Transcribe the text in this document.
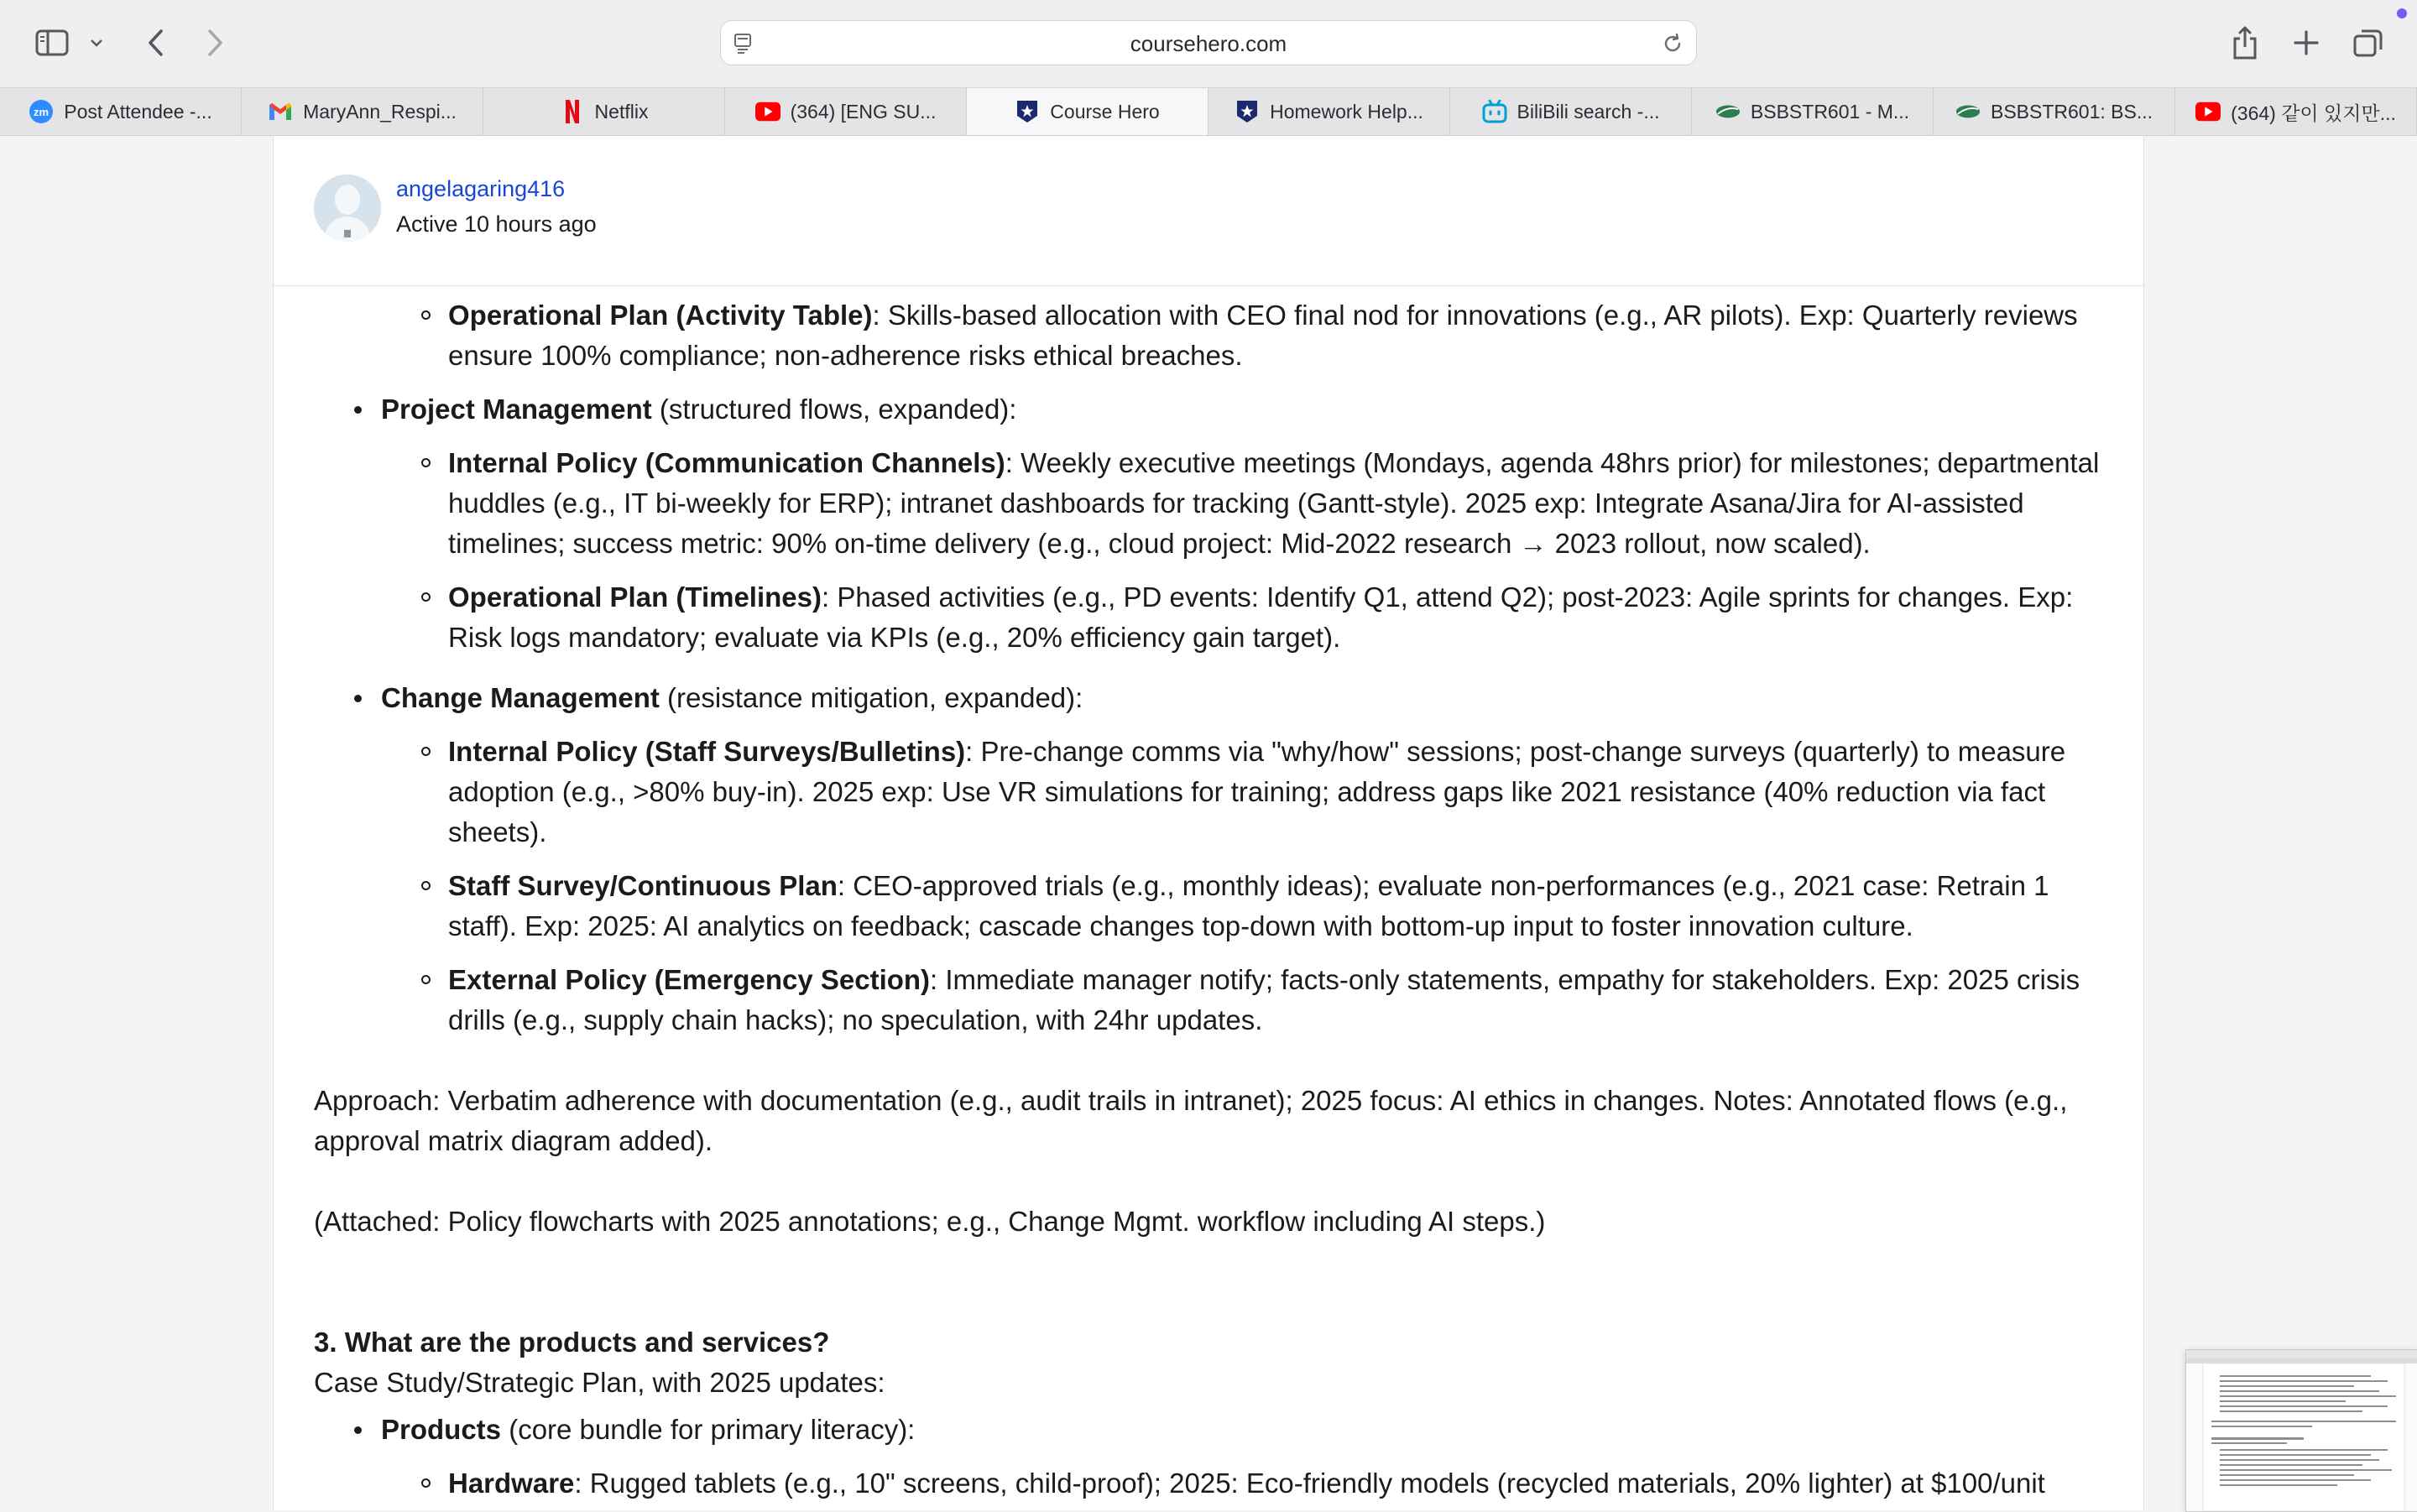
coursehero.com
zm Post Attendee -...	MaryAnn_Respi...	Netflix	(364) [ENG SU...	Course Hero	Homework Help...	BiliBili search -...	BSBSTR601 - M...	BSBSTR601: BS...	(364) 같이 있지만...
angelagaring416
Active 10 hours ago
Operational Plan (Activity Table): Skills-based allocation with CEO final nod for innovations (e.g., AR pilots). Exp: Quarterly reviews ensure 100% compliance; non-adherence risks ethical breaches.
Project Management (structured flows, expanded):
Internal Policy (Communication Channels): Weekly executive meetings (Mondays, agenda 48hrs prior) for milestones; departmental huddles (e.g., IT bi-weekly for ERP); intranet dashboards for tracking (Gantt-style). 2025 exp: Integrate Asana/Jira for AI-assisted timelines; success metric: 90% on-time delivery (e.g., cloud project: Mid-2022 research → 2023 rollout, now scaled).
Operational Plan (Timelines): Phased activities (e.g., PD events: Identify Q1, attend Q2); post-2023: Agile sprints for changes. Exp: Risk logs mandatory; evaluate via KPIs (e.g., 20% efficiency gain target).
Change Management (resistance mitigation, expanded):
Internal Policy (Staff Surveys/Bulletins): Pre-change comms via "why/how" sessions; post-change surveys (quarterly) to measure adoption (e.g., >80% buy-in). 2025 exp: Use VR simulations for training; address gaps like 2021 resistance (40% reduction via fact sheets).
Staff Survey/Continuous Plan: CEO-approved trials (e.g., monthly ideas); evaluate non-performances (e.g., 2021 case: Retrain 1 staff). Exp: 2025: AI analytics on feedback; cascade changes top-down with bottom-up input to foster innovation culture.
External Policy (Emergency Section): Immediate manager notify; facts-only statements, empathy for stakeholders. Exp: 2025 crisis drills (e.g., supply chain hacks); no speculation, with 24hr updates.

Approach: Verbatim adherence with documentation (e.g., audit trails in intranet); 2025 focus: AI ethics in changes. Notes: Annotated flows (e.g., approval matrix diagram added).

(Attached: Policy flowcharts with 2025 annotations; e.g., Change Mgmt. workflow including AI steps.)

3. What are the products and services?

Case Study/Strategic Plan, with 2025 updates:

Products (core bundle for primary literacy):
Hardware: Rugged tablets (e.g., 10" screens, child-proof); 2025: Eco-friendly models (recycled materials, 20% lighter) at $100/unit
